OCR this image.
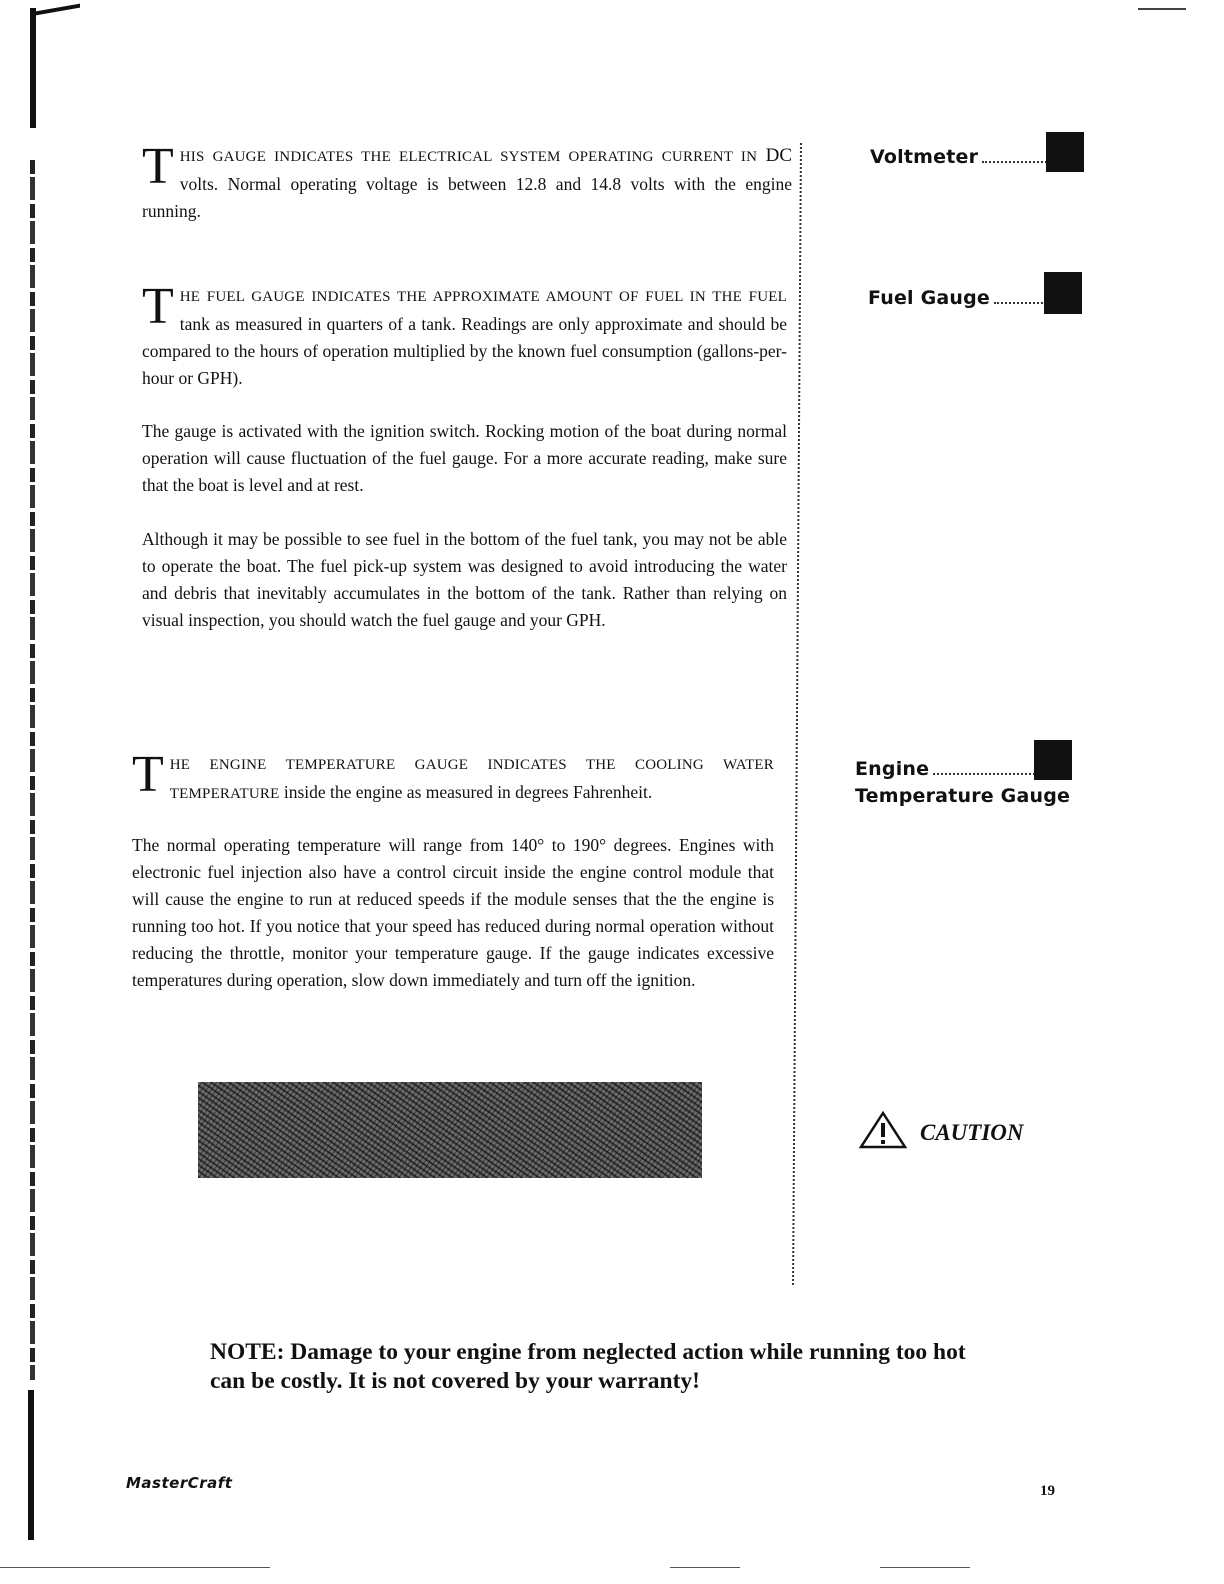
THIS GAUGE INDICATES THE ELECTRICAL SYSTEM OPERATING CURRENT IN DC volts. Normal operating voltage is between 12.8 and 14.8 volts with the engine running.

Voltmeter

THE FUEL GAUGE INDICATES THE APPROXIMATE AMOUNT OF FUEL IN THE FUEL tank as measured in quarters of a tank. Readings are only approximate and should be compared to the hours of operation multiplied by the known fuel consumption (gallons-per-hour or GPH).

The gauge is activated with the ignition switch. Rocking motion of the boat during normal operation will cause fluctuation of the fuel gauge. For a more accurate reading, make sure that the boat is level and at rest.

Although it may be possible to see fuel in the bottom of the fuel tank, you may not be able to operate the boat. The fuel pick-up system was designed to avoid introducing the water and debris that inevitably accumulates in the bottom of the tank. Rather than relying on visual inspection, you should watch the fuel gauge and your GPH.

Fuel Gauge

THE ENGINE TEMPERATURE GAUGE INDICATES THE COOLING WATER TEMPERATURE inside the engine as measured in degrees Fahrenheit.

The normal operating temperature will range from 140° to 190° degrees. Engines with electronic fuel injection also have a control circuit inside the engine control module that will cause the engine to run at reduced speeds if the module senses that the the engine is running too hot. If you notice that your speed has reduced during normal operation without reducing the throttle, monitor your temperature gauge. If the gauge indicates excessive temperatures during operation, slow down immediately and turn off the ignition.

Engine
Temperature Gauge
CAUTION
NOTE: Damage to your engine from neglected action while running too hot can be costly. It is not covered by your warranty!
MasterCraft	19
